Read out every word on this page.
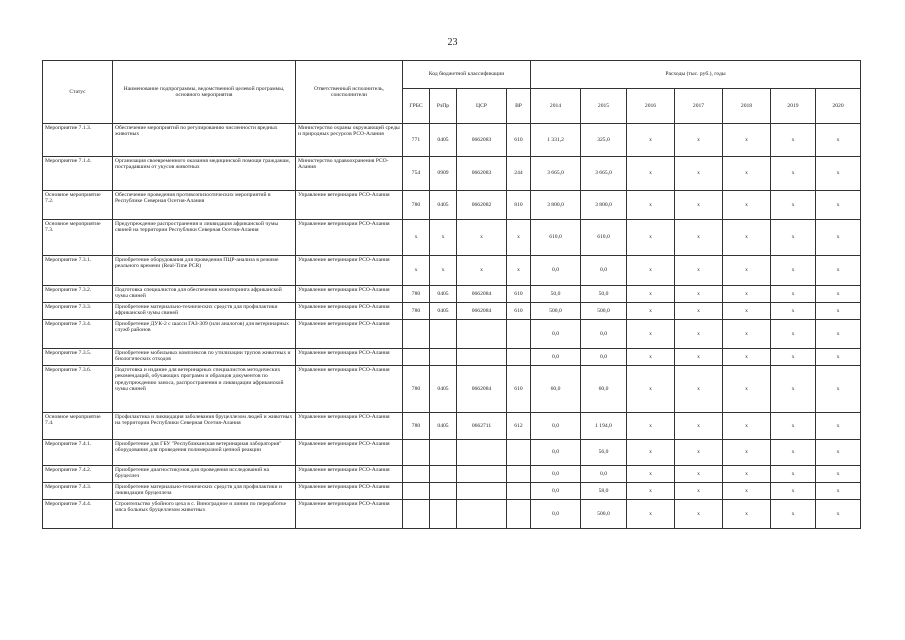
23
Статус	Наименование подпрограммы, ведомственной целевой программы, основного мероприятия	Ответственный исполнитель, соисполнители	Код бюджетной классификации				Расходы (тыс. руб.), годы						
			ГРБС	РзПр	ЦСР	ВР	2014	2015	2016	2017	2018	2019	2020
Мероприятие 7.1.3.	Обеспечение мероприятий по регулированию численности вредных животных	Министерство охраны окружающей среды и природных ресурсов РСО-Алания	771	0405	0662083	610	1 331,2	325,0	х	х	х	х	х
Мероприятие 7.1.4.	Организация своевременного оказания медицинской помощи гражданам, пострадавшим от укусов животных	Министерство здравоохранения РСО-Алания	754	0909	0662083	244	3 665,0	3 665,0	х	х	х	х	х
Основное мероприятие 7.2.	Обеспечение проведения противоэпизоотических мероприятий в Республике Северная Осетия-Алания	Управление ветеринарии РСО-Алания	780	0405	0662082	810	3 800,0	3 800,0	х	х	х	х	х
Основное мероприятие 7.3.	Предупреждение распространения и ликвидация африканской чумы свиней на территории Республики Северная Осетия-Алания	Управление ветеринарии РСО-Алания	х	х	х	х	610,0	610,0	х	х	х	х	х
Мероприятие 7.3.1.	Приобретение оборудования для проведения ПЦР-анализа в режиме реального времени (Real-Time PCR)	Управление ветеринарии РСО-Алания	х	х	х	х	0,0	0,0	х	х	х	х	х
Мероприятие 7.3.2.	Подготовка специалистов для обеспечения мониторинга африканской чумы свиней	Управление ветеринарии РСО-Алания	780	0405	0662084	610	50,0	50,0	х	х	х	х	х
Мероприятие 7.3.3.	Приобретение материально-технических средств для профилактики африканской чумы свиней	Управление ветеринарии РСО-Алания	780	0405	0662084	610	500,0	500,0	х	х	х	х	х
Мероприятие 7.3.4.	Приобретение ДУК-2 с шасси ГАЗ-309 (или аналогов) для ветеринарных служб районов	Управление ветеринарии РСО-Алания					0,0	0,0	х	х	х	х	х
Мероприятие 7.3.5.	Приобретение мобильных комплексов по утилизации трупов животных и биологических отходов	Управление ветеринарии РСО-Алания					0,0	0,0	х	х	х	х	х
Мероприятие 7.3.6.	Подготовка и издание для ветеринарных специалистов методических рекомендаций, обучающих программ и образцов документов по предупреждению заноса, распространения и ликвидации африканской чумы свиней	Управление ветеринарии РСО-Алания	780	0405	0662084	610	60,0	60,0	х	х	х	х	х
Основное мероприятие 7.4.	Профилактика и ликвидация заболевания бруцеллезом людей и животных на территории Республики Северная Осетия-Алания	Управление ветеринарии РСО-Алания	780	0405	0662711	612	0,0	1 194,0	х	х	х	х	х
Мероприятие 7.4.1.	Приобретение для ГБУ "Республиканская ветеринарная лаборатория" оборудования для проведения полимеразной цепной реакции	Управление ветеринарии РСО-Алания					0,0	56,0	х	х	х	х	х
Мероприятие 7.4.2.	Приобретение диагностикумов для проведения исследований на бруцеллез	Управление ветеринарии РСО-Алания					0,0	0,0	х	х	х	х	х
Мероприятие 7.4.3.	Приобретение материально-технических средств для профилактики и ликвидации бруцеллеза	Управление ветеринарии РСО-Алания					0,0	58,0	х	х	х	х	х
Мероприятие 7.4.4.	Строительство убойного цеха в с. Виноградное и линии по переработке мяса больных бруцеллезом животных	Управление ветеринарии РСО-Алания					0,0	500,0	х	х	х	х	х
